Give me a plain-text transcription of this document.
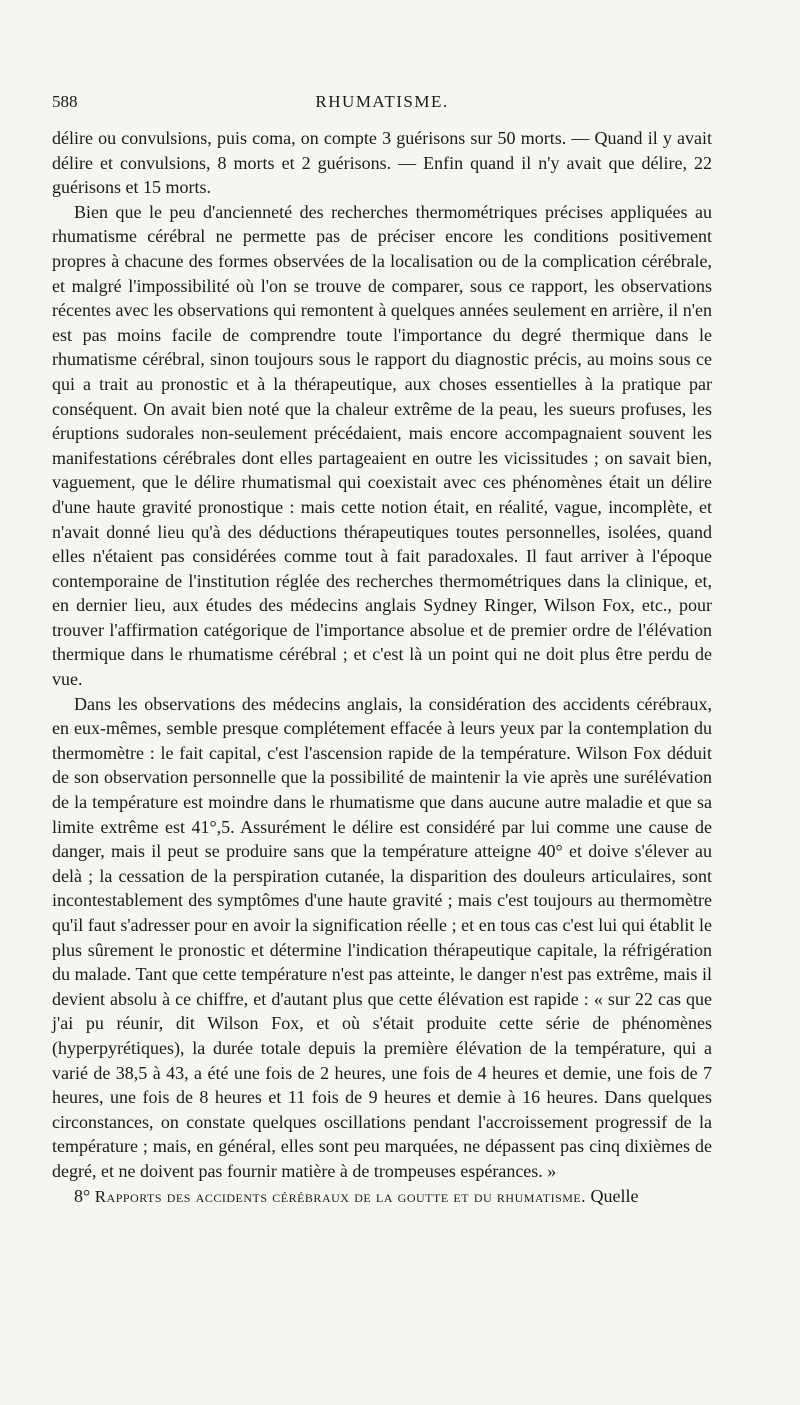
588	RHUMATISME.

délire ou convulsions, puis coma, on compte 3 guérisons sur 50 morts. — Quand il y avait délire et convulsions, 8 morts et 2 guérisons. — Enfin quand il n'y avait que délire, 22 guérisons et 15 morts.

Bien que le peu d'ancienneté des recherches thermométriques précises appliquées au rhumatisme cérébral ne permette pas de préciser encore les conditions positivement propres à chacune des formes observées de la localisation ou de la complication cérébrale, et malgré l'impossibilité où l'on se trouve de comparer, sous ce rapport, les observations récentes avec les observations qui remontent à quelques années seulement en arrière, il n'en est pas moins facile de comprendre toute l'importance du degré thermique dans le rhumatisme cérébral, sinon toujours sous le rapport du diagnostic précis, au moins sous ce qui a trait au pronostic et à la thérapeutique, aux choses essentielles à la pratique par conséquent. On avait bien noté que la chaleur extrême de la peau, les sueurs profuses, les éruptions sudorales non-seulement précédaient, mais encore accompagnaient souvent les manifestations cérébrales dont elles partageaient en outre les vicissitudes ; on savait bien, vaguement, que le délire rhumatismal qui coexistait avec ces phénomènes était un délire d'une haute gravité pronostique : mais cette notion était, en réalité, vague, incomplète, et n'avait donné lieu qu'à des déductions thérapeutiques toutes personnelles, isolées, quand elles n'étaient pas considérées comme tout à fait paradoxales. Il faut arriver à l'époque contemporaine de l'institution réglée des recherches thermométriques dans la clinique, et, en dernier lieu, aux études des médecins anglais Sydney Ringer, Wilson Fox, etc., pour trouver l'affirmation catégorique de l'importance absolue et de premier ordre de l'élévation thermique dans le rhumatisme cérébral ; et c'est là un point qui ne doit plus être perdu de vue.

Dans les observations des médecins anglais, la considération des accidents cérébraux, en eux-mêmes, semble presque complétement effacée à leurs yeux par la contemplation du thermomètre : le fait capital, c'est l'ascension rapide de la température. Wilson Fox déduit de son observation personnelle que la possibilité de maintenir la vie après une surélévation de la température est moindre dans le rhumatisme que dans aucune autre maladie et que sa limite extrême est 41°,5. Assurément le délire est considéré par lui comme une cause de danger, mais il peut se produire sans que la température atteigne 40° et doive s'élever au delà ; la cessation de la perspiration cutanée, la disparition des douleurs articulaires, sont incontestablement des symptômes d'une haute gravité ; mais c'est toujours au thermomètre qu'il faut s'adresser pour en avoir la signification réelle ; et en tous cas c'est lui qui établit le plus sûrement le pronostic et détermine l'indication thérapeutique capitale, la réfrigération du malade. Tant que cette température n'est pas atteinte, le danger n'est pas extrême, mais il devient absolu à ce chiffre, et d'autant plus que cette élévation est rapide : « sur 22 cas que j'ai pu réunir, dit Wilson Fox, et où s'était produite cette série de phénomènes (hyperpyrétiques), la durée totale depuis la première élévation de la température, qui a varié de 38,5 à 43, a été une fois de 2 heures, une fois de 4 heures et demie, une fois de 7 heures, une fois de 8 heures et 11 fois de 9 heures et demie à 16 heures. Dans quelques circonstances, on constate quelques oscillations pendant l'accroissement progressif de la température ; mais, en général, elles sont peu marquées, ne dépassent pas cinq dixièmes de degré, et ne doivent pas fournir matière à de trompeuses espérances. »

8° Rapports des accidents cérébraux de la goutte et du rhumatisme. Quelle
